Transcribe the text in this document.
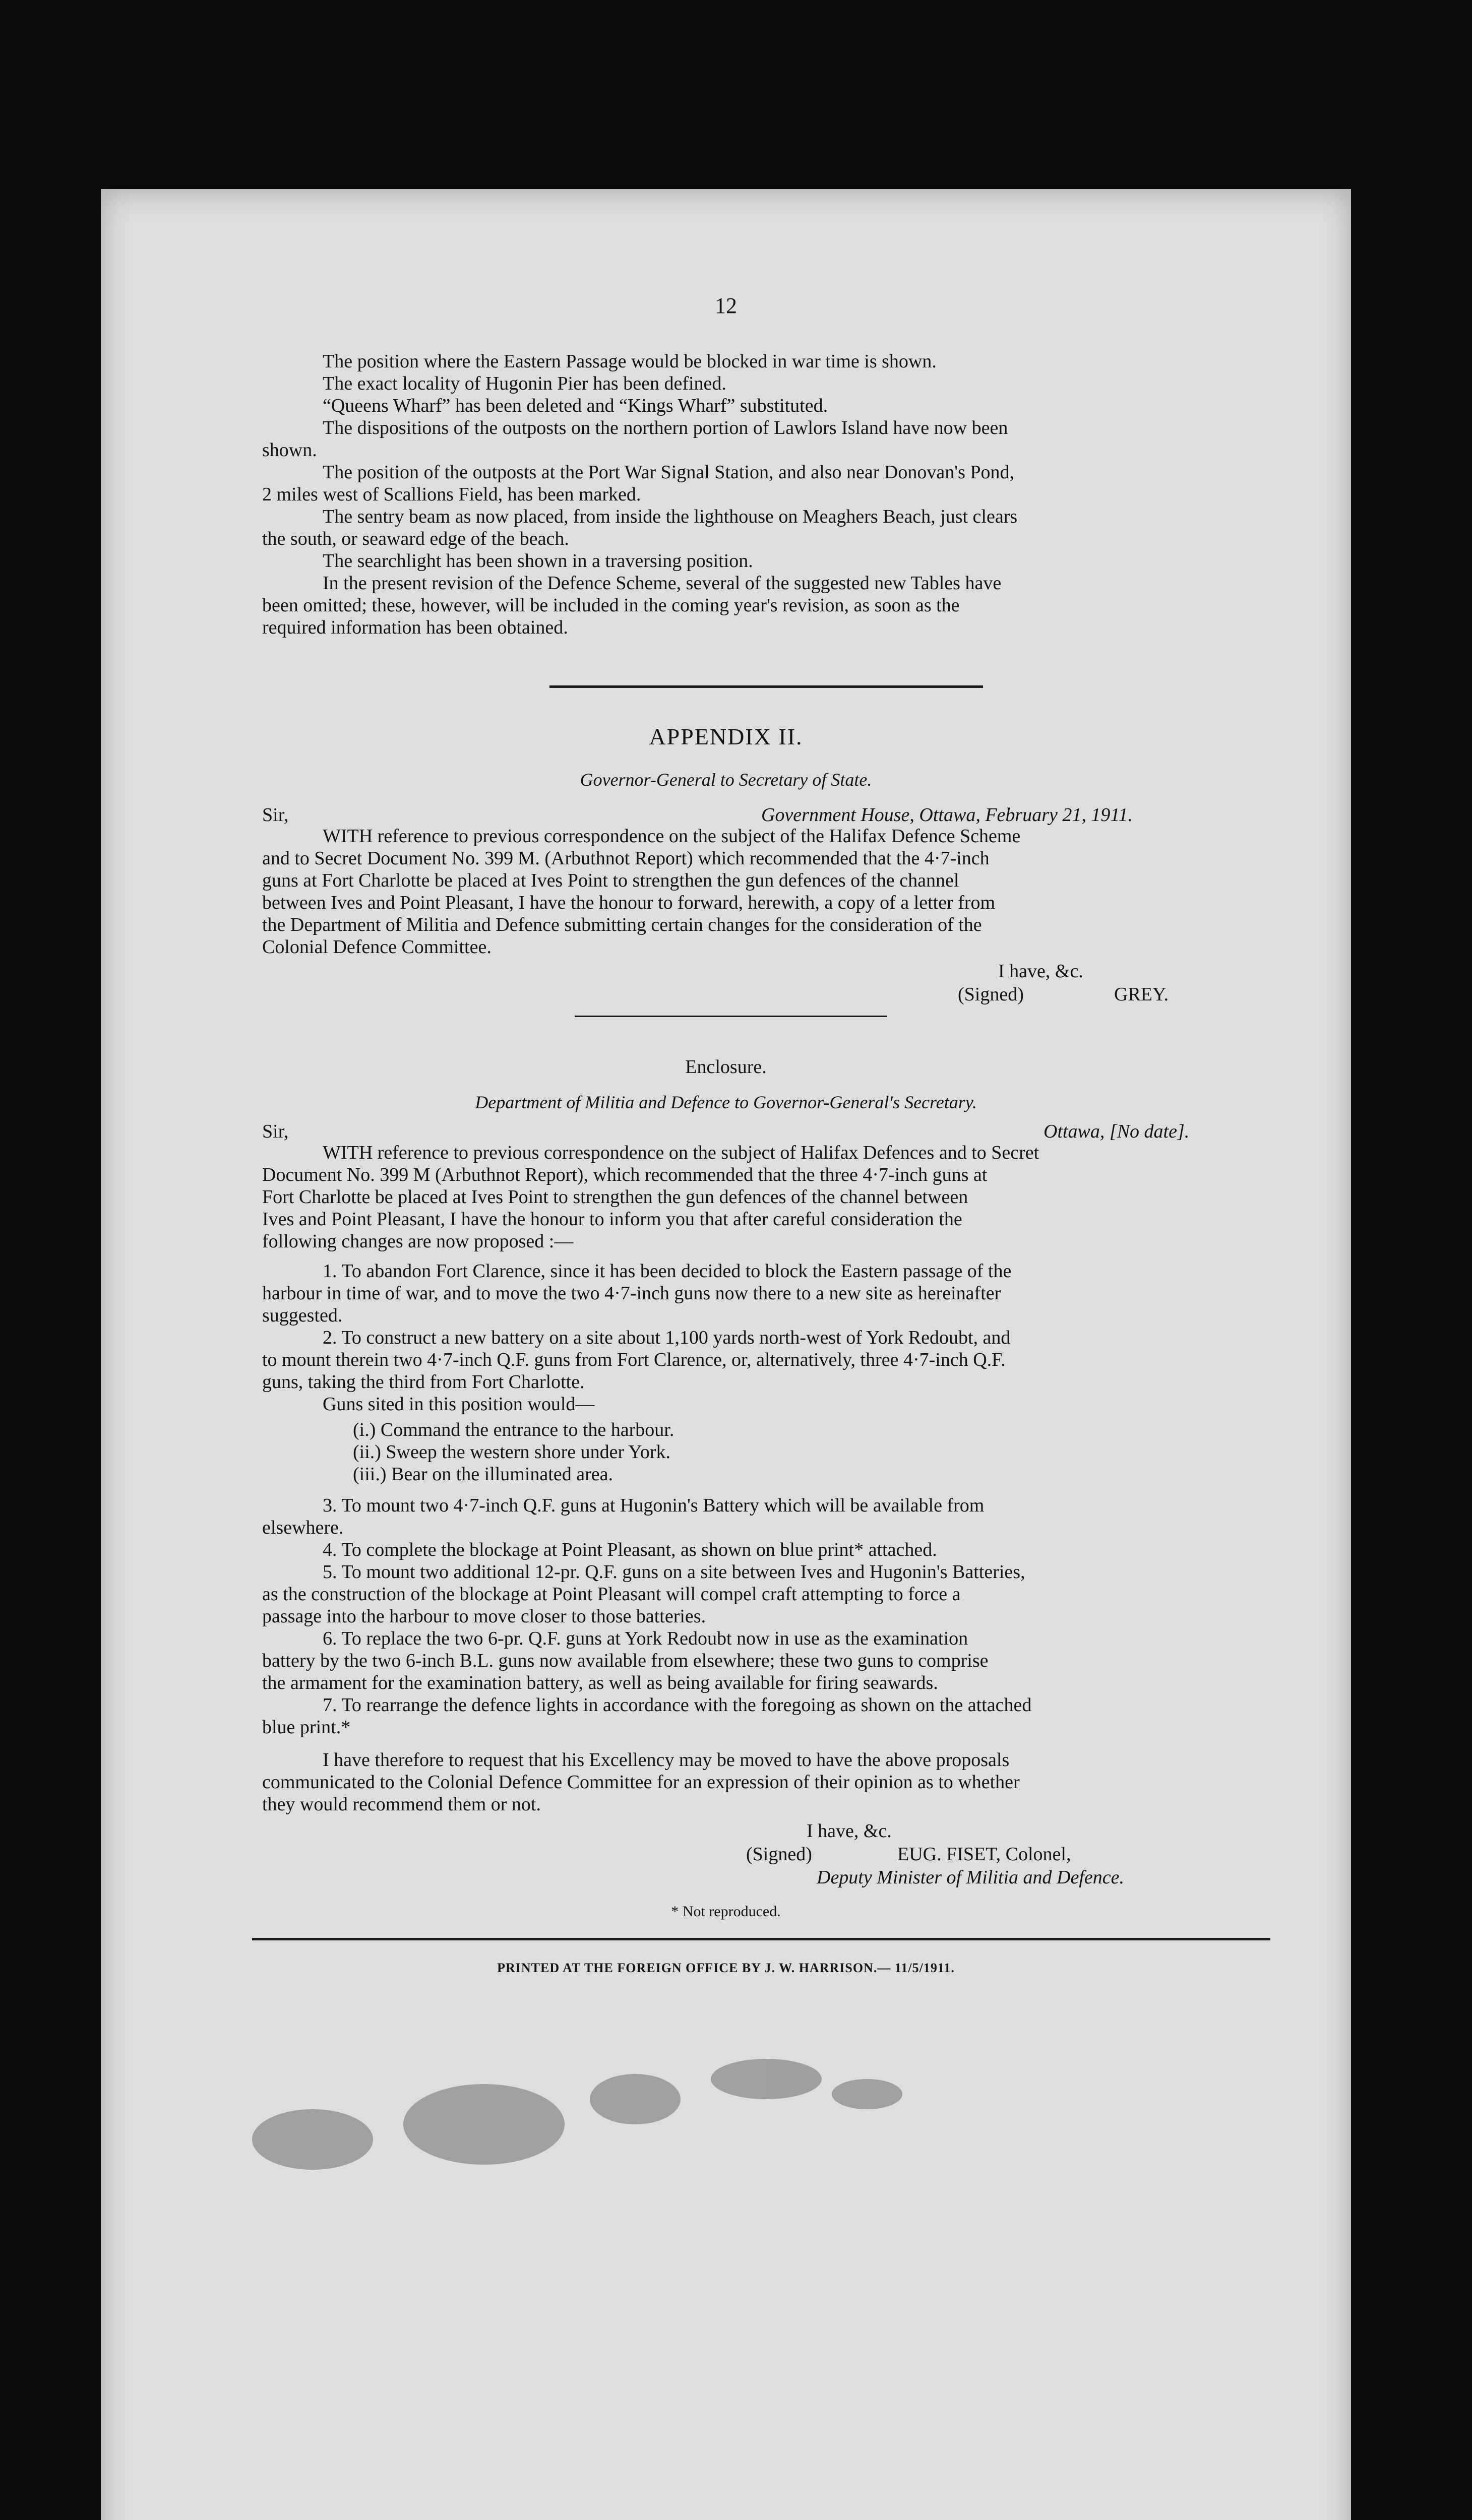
12
The position where the Eastern Passage would be blocked in war time is shown.
The exact locality of Hugonin Pier has been defined.
“Queens Wharf” has been deleted and “Kings Wharf” substituted.
The dispositions of the outposts on the northern portion of Lawlors Island have now been
shown.
The position of the outposts at the Port War Signal Station, and also near Donovan's Pond,
2 miles west of Scallions Field, has been marked.
The sentry beam as now placed, from inside the lighthouse on Meaghers Beach, just clears
the south, or seaward edge of the beach.
The searchlight has been shown in a traversing position.
In the present revision of the Defence Scheme, several of the suggested new Tables have
been omitted; these, however, will be included in the coming year's revision, as soon as the
required information has been obtained.
APPENDIX II.
Governor-General to Secretary of State.
Sir,	Government House, Ottawa, February 21, 1911.
WITH reference to previous correspondence on the subject of the Halifax Defence Scheme
and to Secret Document No. 399 M. (Arbuthnot Report) which recommended that the 4·7-inch
guns at Fort Charlotte be placed at Ives Point to strengthen the gun defences of the channel
between Ives and Point Pleasant, I have the honour to forward, herewith, a copy of a letter from
the Department of Militia and Defence submitting certain changes for the consideration of the
Colonial Defence Committee.
I have, &c.
(Signed)	GREY.
Enclosure.
Department of Militia and Defence to Governor-General's Secretary.
Sir,	Ottawa, [No date].
WITH reference to previous correspondence on the subject of Halifax Defences and to Secret
Document No. 399 M (Arbuthnot Report), which recommended that the three 4·7-inch guns at
Fort Charlotte be placed at Ives Point to strengthen the gun defences of the channel between
Ives and Point Pleasant, I have the honour to inform you that after careful consideration the
following changes are now proposed :—
1. To abandon Fort Clarence, since it has been decided to block the Eastern passage of the
harbour in time of war, and to move the two 4·7-inch guns now there to a new site as hereinafter
suggested.
2. To construct a new battery on a site about 1,100 yards north-west of York Redoubt, and
to mount therein two 4·7-inch Q.F. guns from Fort Clarence, or, alternatively, three 4·7-inch Q.F.
guns, taking the third from Fort Charlotte.
Guns sited in this position would—
(i.) Command the entrance to the harbour.
(ii.) Sweep the western shore under York.
(iii.) Bear on the illuminated area.
3. To mount two 4·7-inch Q.F. guns at Hugonin's Battery which will be available from
elsewhere.
4. To complete the blockage at Point Pleasant, as shown on blue print* attached.
5. To mount two additional 12-pr. Q.F. guns on a site between Ives and Hugonin's Batteries,
as the construction of the blockage at Point Pleasant will compel craft attempting to force a
passage into the harbour to move closer to those batteries.
6. To replace the two 6-pr. Q.F. guns at York Redoubt now in use as the examination
battery by the two 6-inch B.L. guns now available from elsewhere; these two guns to comprise
the armament for the examination battery, as well as being available for firing seawards.
7. To rearrange the defence lights in accordance with the foregoing as shown on the attached
blue print.*
I have therefore to request that his Excellency may be moved to have the above proposals
communicated to the Colonial Defence Committee for an expression of their opinion as to whether
they would recommend them or not.
I have, &c.
(Signed)	EUG. FISET, Colonel,
Deputy Minister of Militia and Defence.
* Not reproduced.
PRINTED AT THE FOREIGN OFFICE BY J. W. HARRISON.— 11/5/1911.
